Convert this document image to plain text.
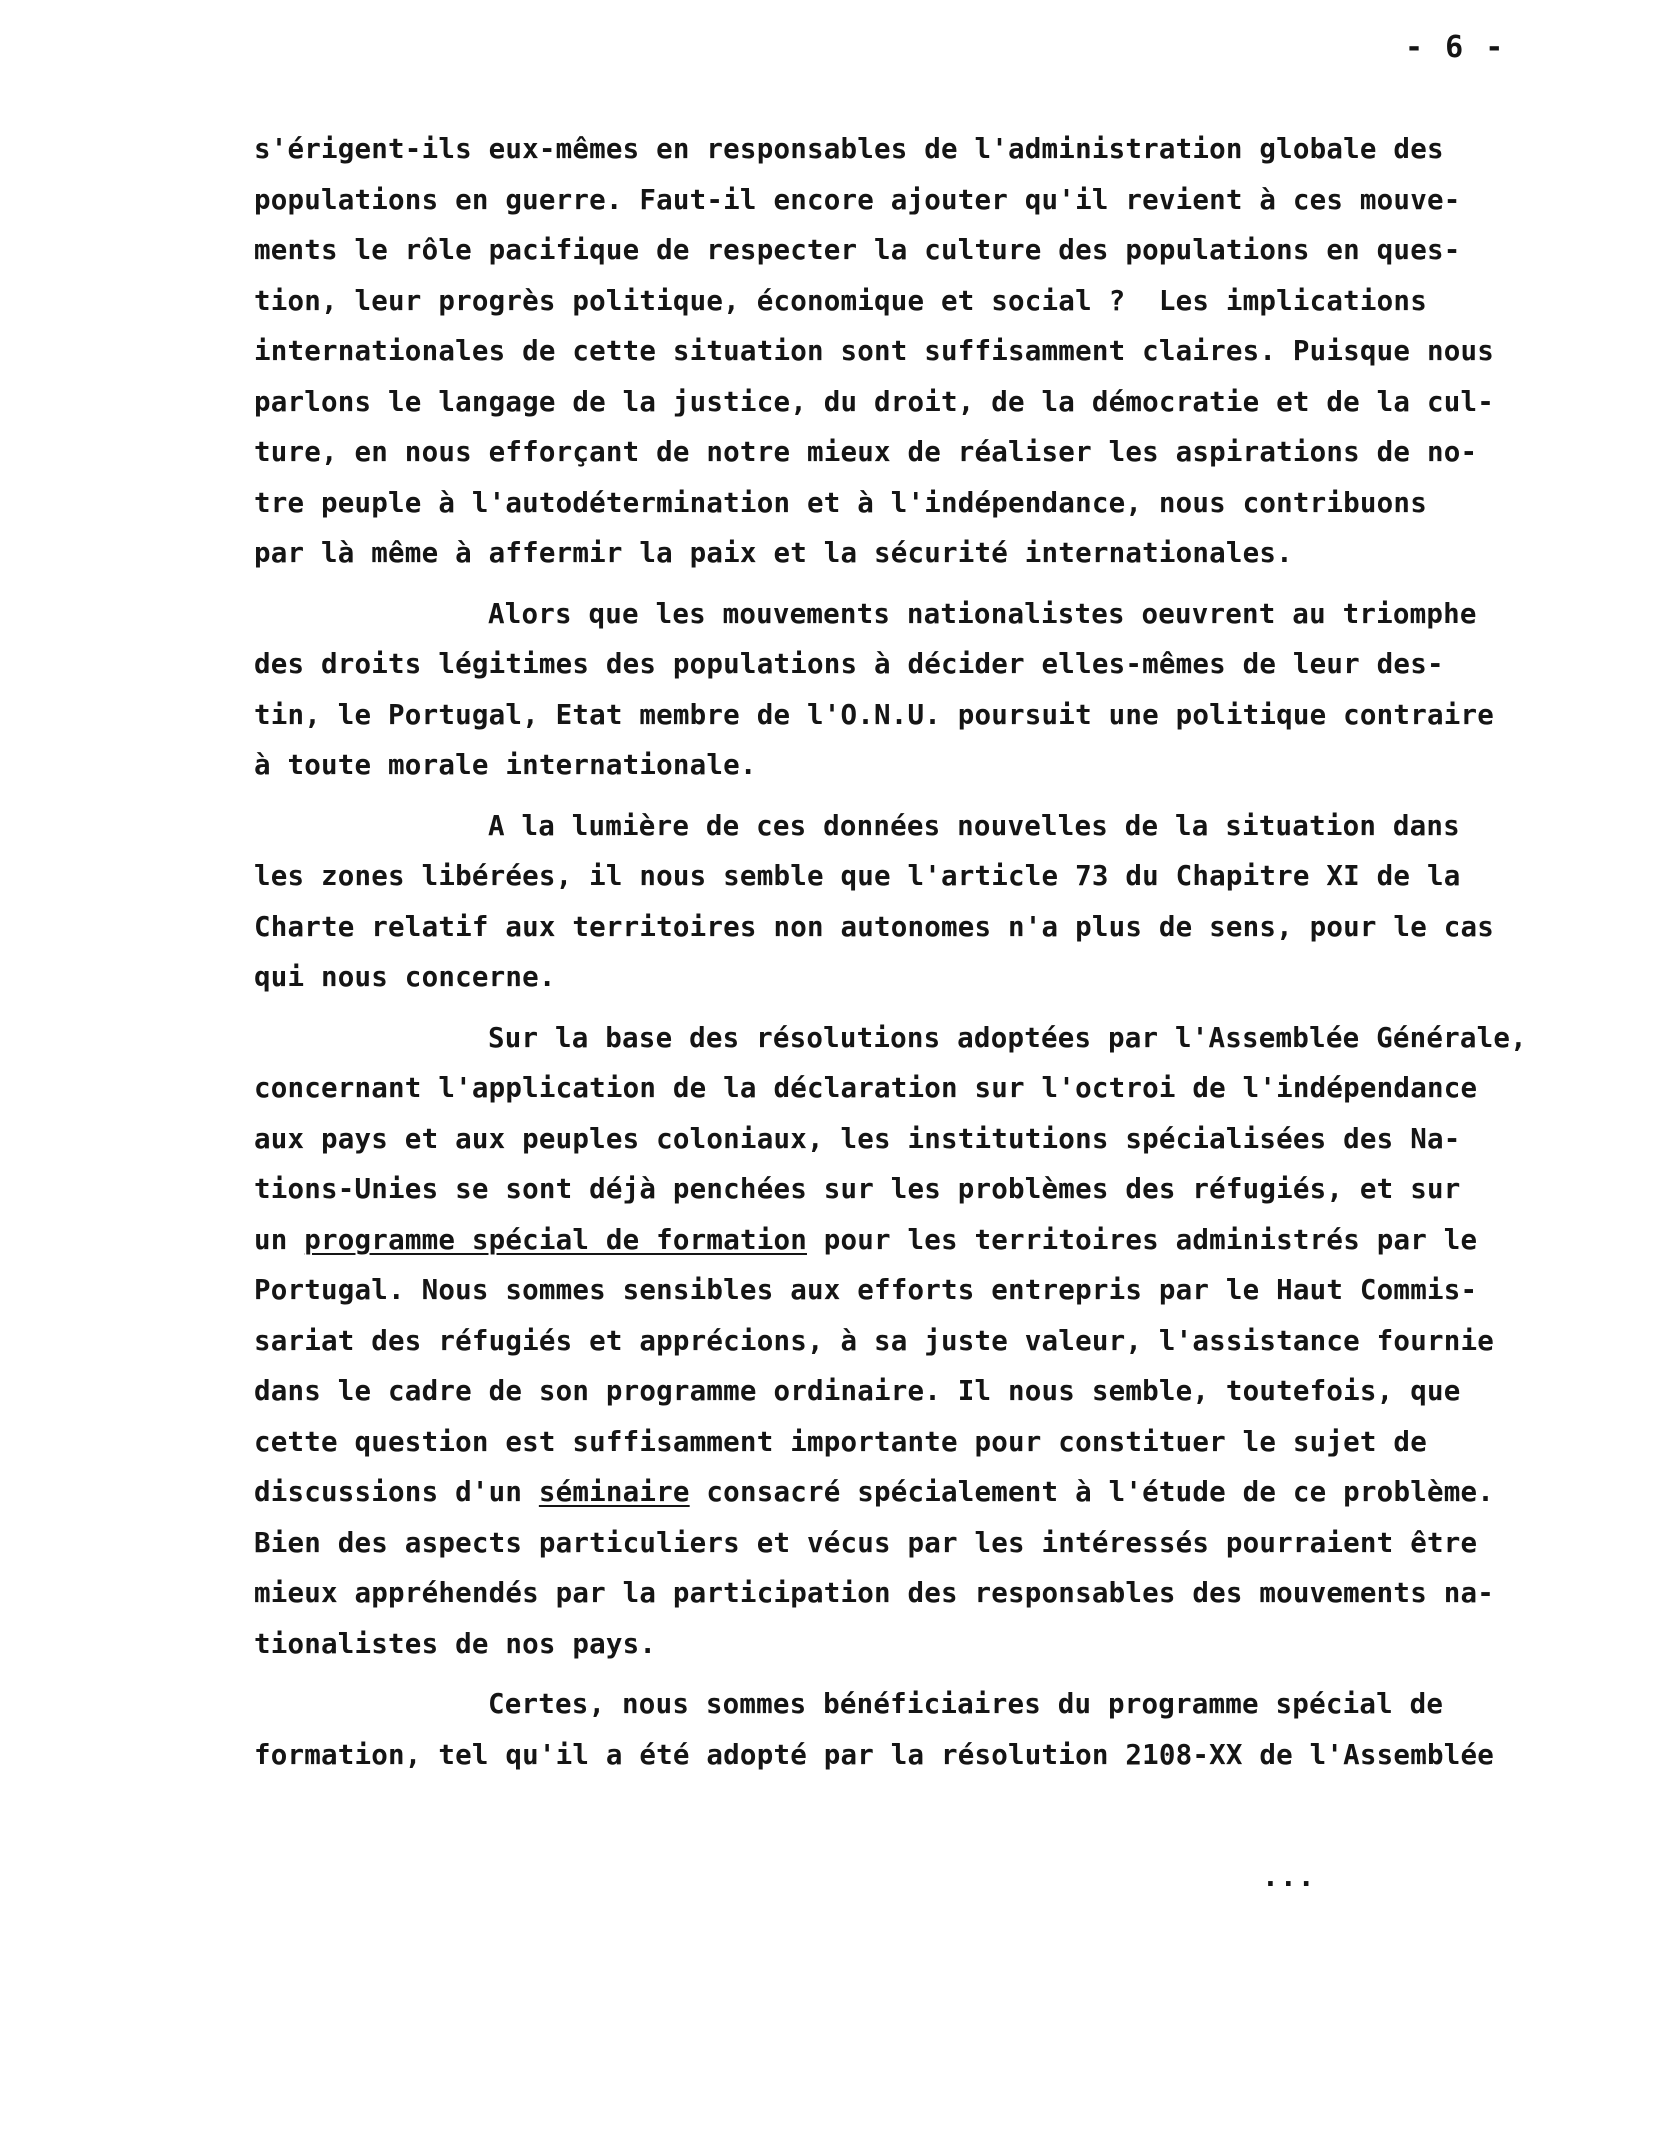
- 6 -
s'érigent-ils eux-mêmes en responsables de l'administration globale des
populations en guerre. Faut-il encore ajouter qu'il revient à ces mouve-
ments le rôle pacifique de respecter la culture des populations en ques-
tion, leur progrès politique, économique et social ?  Les implications
internationales de cette situation sont suffisamment claires. Puisque nous
parlons le langage de la justice, du droit, de la démocratie et de la cul-
ture, en nous efforçant de notre mieux de réaliser les aspirations de no-
tre peuple à l'autodétermination et à l'indépendance, nous contribuons
par là même à affermir la paix et la sécurité internationales.
Alors que les mouvements nationalistes oeuvrent au triomphe
des droits légitimes des populations à décider elles-mêmes de leur des-
tin, le Portugal, Etat membre de l'O.N.U. poursuit une politique contraire
à toute morale internationale.
A la lumière de ces données nouvelles de la situation dans
les zones libérées, il nous semble que l'article 73 du Chapitre XI de la
Charte relatif aux territoires non autonomes n'a plus de sens, pour le cas
qui nous concerne.
Sur la base des résolutions adoptées par l'Assemblée Générale,
concernant l'application de la déclaration sur l'octroi de l'indépendance
aux pays et aux peuples coloniaux, les institutions spécialisées des Na-
tions-Unies se sont déjà penchées sur les problèmes des réfugiés, et sur
un programme spécial de formation pour les territoires administrés par le
Portugal. Nous sommes sensibles aux efforts entrepris par le Haut Commis-
sariat des réfugiés et apprécions, à sa juste valeur, l'assistance fournie
dans le cadre de son programme ordinaire. Il nous semble, toutefois, que
cette question est suffisamment importante pour constituer le sujet de
discussions d'un séminaire consacré spécialement à l'étude de ce problème.
Bien des aspects particuliers et vécus par les intéressés pourraient être
mieux appréhendés par la participation des responsables des mouvements na-
tionalistes de nos pays.
Certes, nous sommes bénéficiaires du programme spécial de
formation, tel qu'il a été adopté par la résolution 2108-XX de l'Assemblée
...
